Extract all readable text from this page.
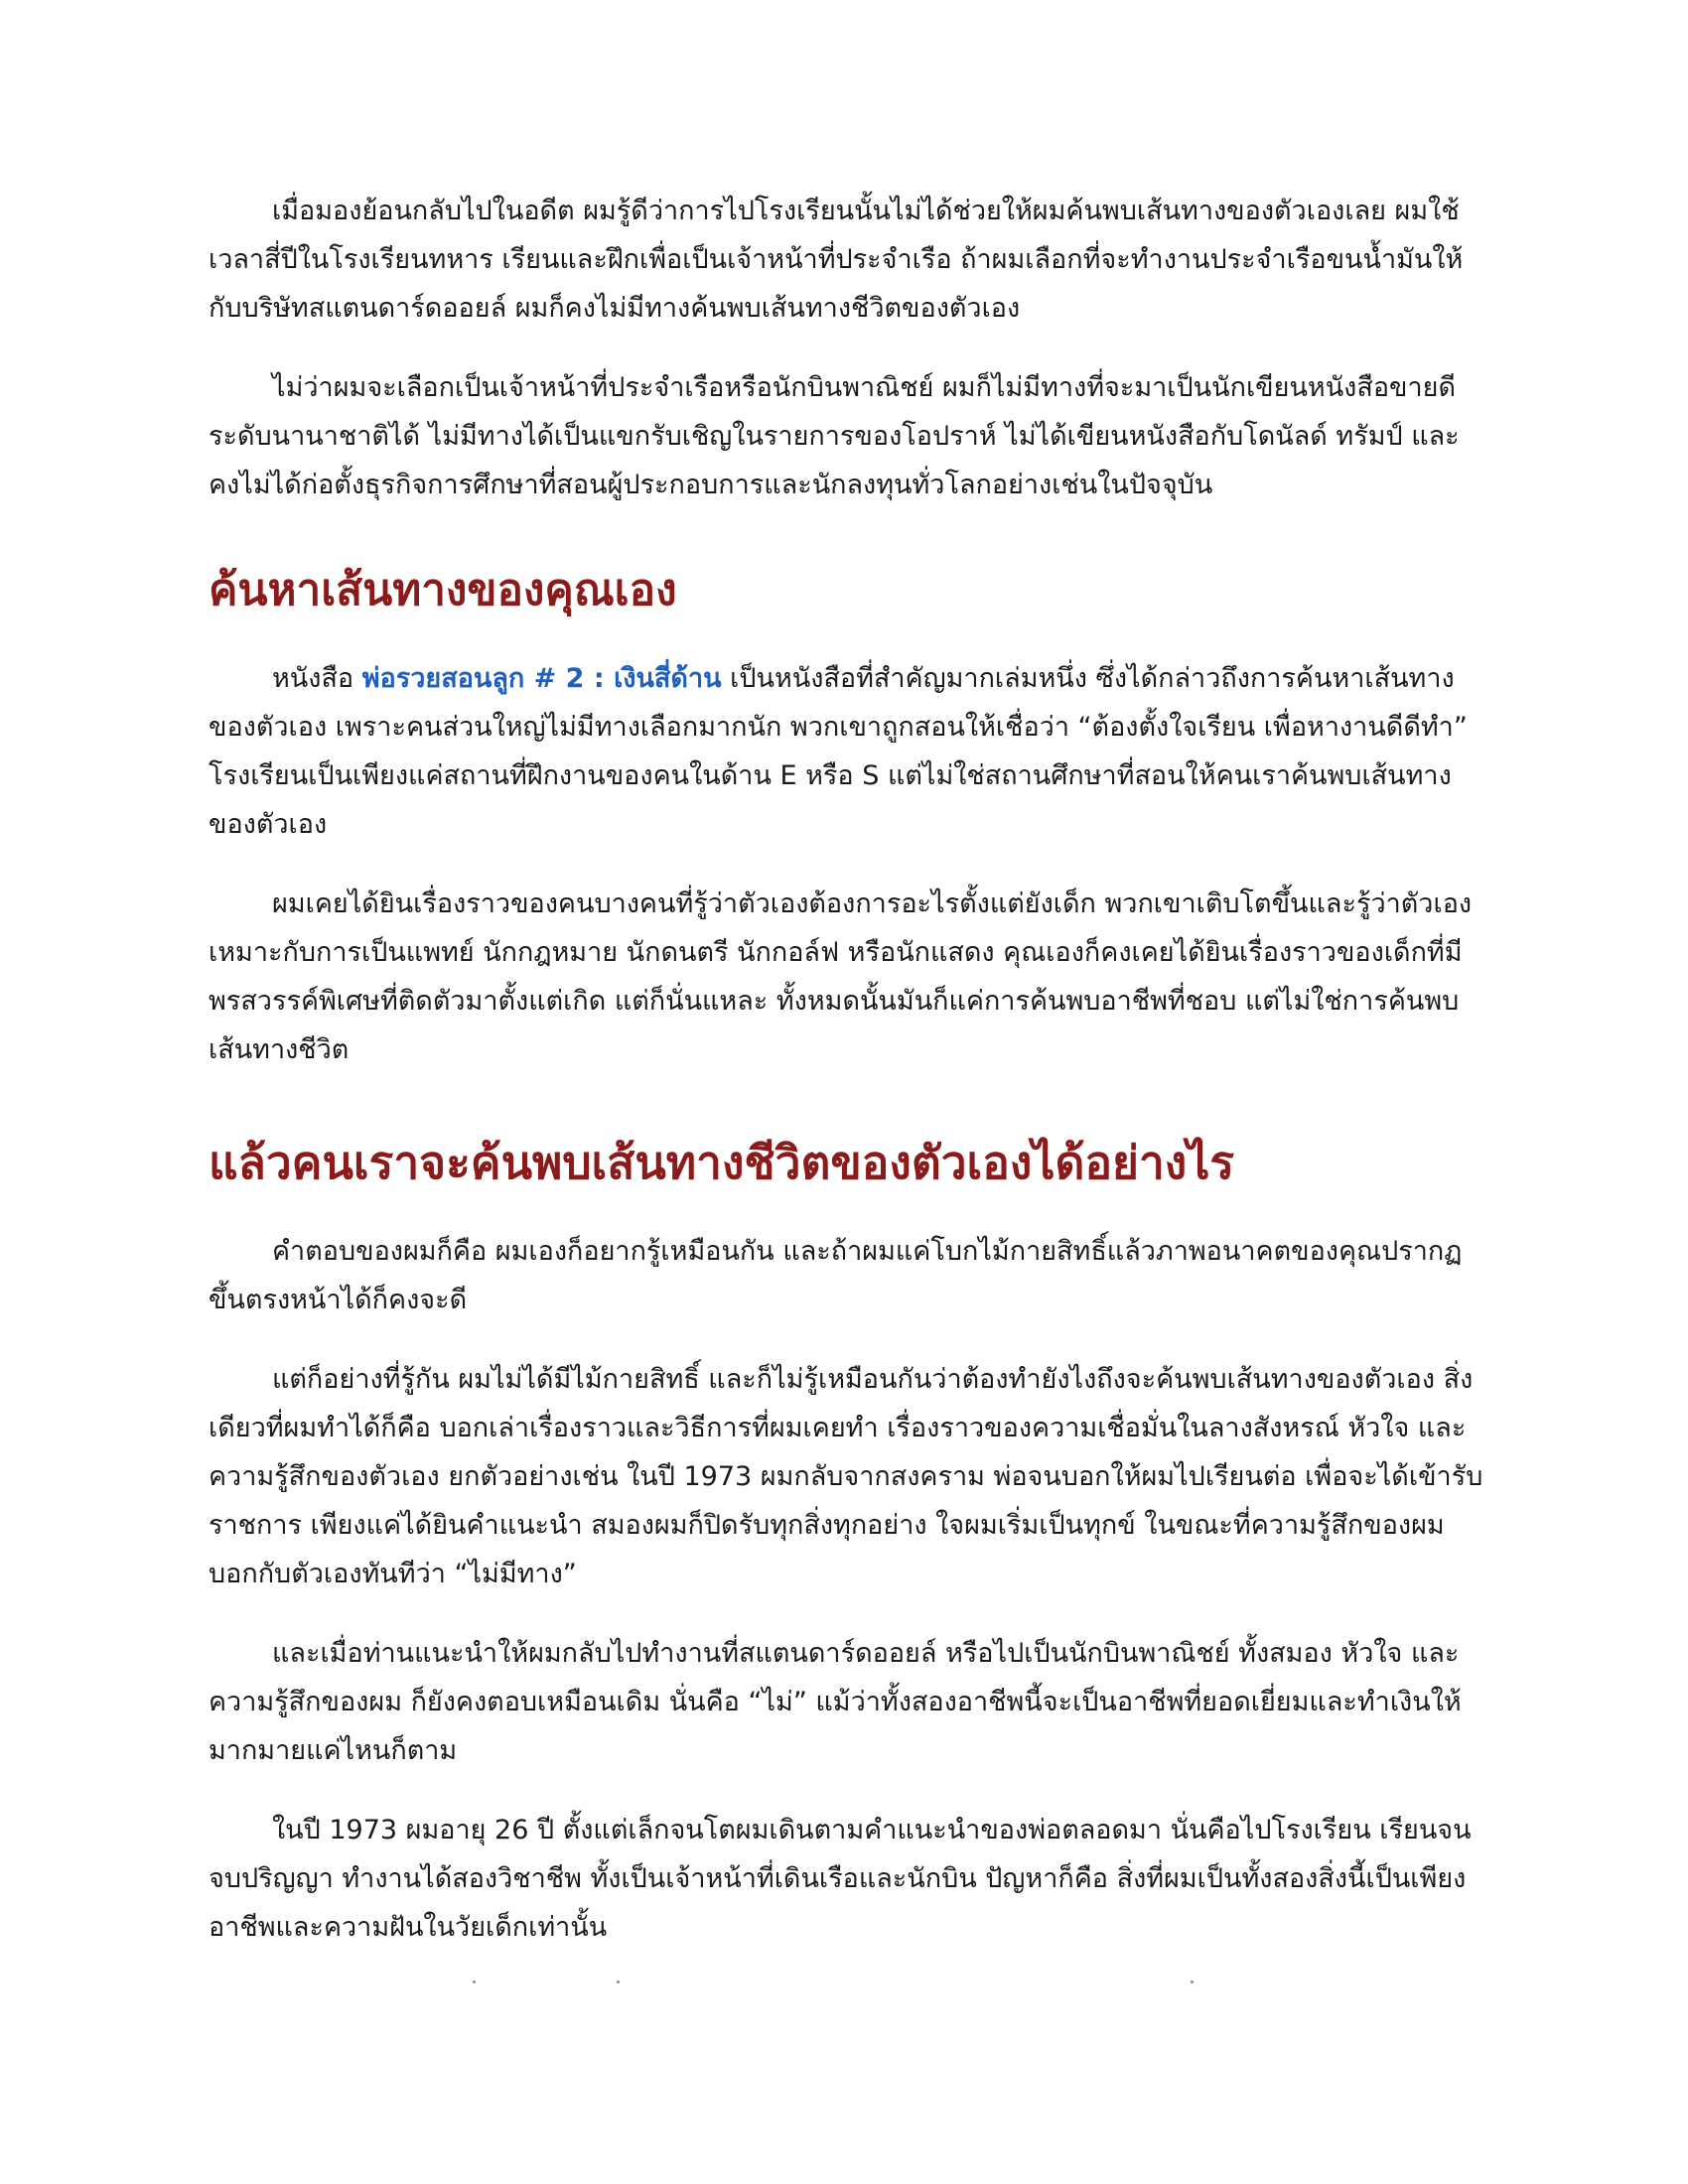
เมื่อมองย้อนกลับไปในอดีต ผมรู้ดีว่าการไปโรงเรียนนั้นไม่ได้ช่วยให้ผมค้นพบเส้นทางของตัวเองเลย ผมใช้เวลาสี่ปีในโรงเรียนทหาร เรียนและฝึกเพื่อเป็นเจ้าหน้าที่ประจำเรือ ถ้าผมเลือกที่จะทำงานประจำเรือขนน้ำมันให้กับบริษัทสแตนดาร์ดออยล์ ผมก็คงไม่มีทางค้นพบเส้นทางชีวิตของตัวเอง

ไม่ว่าผมจะเลือกเป็นเจ้าหน้าที่ประจำเรือหรือนักบินพาณิชย์ ผมก็ไม่มีทางที่จะมาเป็นนักเขียนหนังสือขายดีระดับนานาชาติได้ ไม่มีทางได้เป็นแขกรับเชิญในรายการของโอปราห์ ไม่ได้เขียนหนังสือกับโดนัลด์ ทรัมป์ และคงไม่ได้ก่อตั้งธุรกิจการศึกษาที่สอนผู้ประกอบการและนักลงทุนทั่วโลกอย่างเช่นในปัจจุบัน

ค้นหาเส้นทางของคุณเอง

หนังสือ พ่อรวยสอนลูก # 2 : เงินสี่ด้าน เป็นหนังสือที่สำคัญมากเล่มหนึ่ง ซึ่งได้กล่าวถึงการค้นหาเส้นทางของตัวเอง เพราะคนส่วนใหญ่ไม่มีทางเลือกมากนัก พวกเขาถูกสอนให้เชื่อว่า “ต้องตั้งใจเรียน เพื่อหางานดีดีทำ” โรงเรียนเป็นเพียงแค่สถานที่ฝึกงานของคนในด้าน E หรือ S แต่ไม่ใช่สถานศึกษาที่สอนให้คนเราค้นพบเส้นทางของตัวเอง

ผมเคยได้ยินเรื่องราวของคนบางคนที่รู้ว่าตัวเองต้องการอะไรตั้งแต่ยังเด็ก พวกเขาเติบโตขึ้นและรู้ว่าตัวเองเหมาะกับการเป็นแพทย์ นักกฎหมาย นักดนตรี นักกอล์ฟ หรือนักแสดง คุณเองก็คงเคยได้ยินเรื่องราวของเด็กที่มีพรสวรรค์พิเศษที่ติดตัวมาตั้งแต่เกิด แต่ก็นั่นแหละ ทั้งหมดนั้นมันก็แค่การค้นพบอาชีพที่ชอบ แต่ไม่ใช่การค้นพบเส้นทางชีวิต

แล้วคนเราจะค้นพบเส้นทางชีวิตของตัวเองได้อย่างไร

คำตอบของผมก็คือ ผมเองก็อยากรู้เหมือนกัน และถ้าผมแค่โบกไม้กายสิทธิ์แล้วภาพอนาคตของคุณปรากฏขึ้นตรงหน้าได้ก็คงจะดี

แต่ก็อย่างที่รู้กัน ผมไม่ได้มีไม้กายสิทธิ์ และก็ไม่รู้เหมือนกันว่าต้องทำยังไงถึงจะค้นพบเส้นทางของตัวเอง สิ่งเดียวที่ผมทำได้ก็คือ บอกเล่าเรื่องราวและวิธีการที่ผมเคยทำ เรื่องราวของความเชื่อมั่นในลางสังหรณ์ หัวใจ และความรู้สึกของตัวเอง ยกตัวอย่างเช่น ในปี 1973 ผมกลับจากสงคราม พ่อจนบอกให้ผมไปเรียนต่อ เพื่อจะได้เข้ารับราชการ เพียงแค่ได้ยินคำแนะนำ สมองผมก็ปิดรับทุกสิ่งทุกอย่าง ใจผมเริ่มเป็นทุกข์ ในขณะที่ความรู้สึกของผมบอกกับตัวเองทันทีว่า “ไม่มีทาง”

และเมื่อท่านแนะนำให้ผมกลับไปทำงานที่สแตนดาร์ดออยล์ หรือไปเป็นนักบินพาณิชย์ ทั้งสมอง หัวใจ และความรู้สึกของผม ก็ยังคงตอบเหมือนเดิม นั่นคือ “ไม่” แม้ว่าทั้งสองอาชีพนี้จะเป็นอาชีพที่ยอดเยี่ยมและทำเงินให้มากมายแค่ไหนก็ตาม

ในปี 1973 ผมอายุ 26 ปี ตั้งแต่เล็กจนโตผมเดินตามคำแนะนำของพ่อตลอดมา นั่นคือไปโรงเรียน เรียนจนจบปริญญา ทำงานได้สองวิชาชีพ ทั้งเป็นเจ้าหน้าที่เดินเรือและนักบิน ปัญหาก็คือ สิ่งที่ผมเป็นทั้งสองสิ่งนี้เป็นเพียงอาชีพและความฝันในวัยเด็กเท่านั้น
